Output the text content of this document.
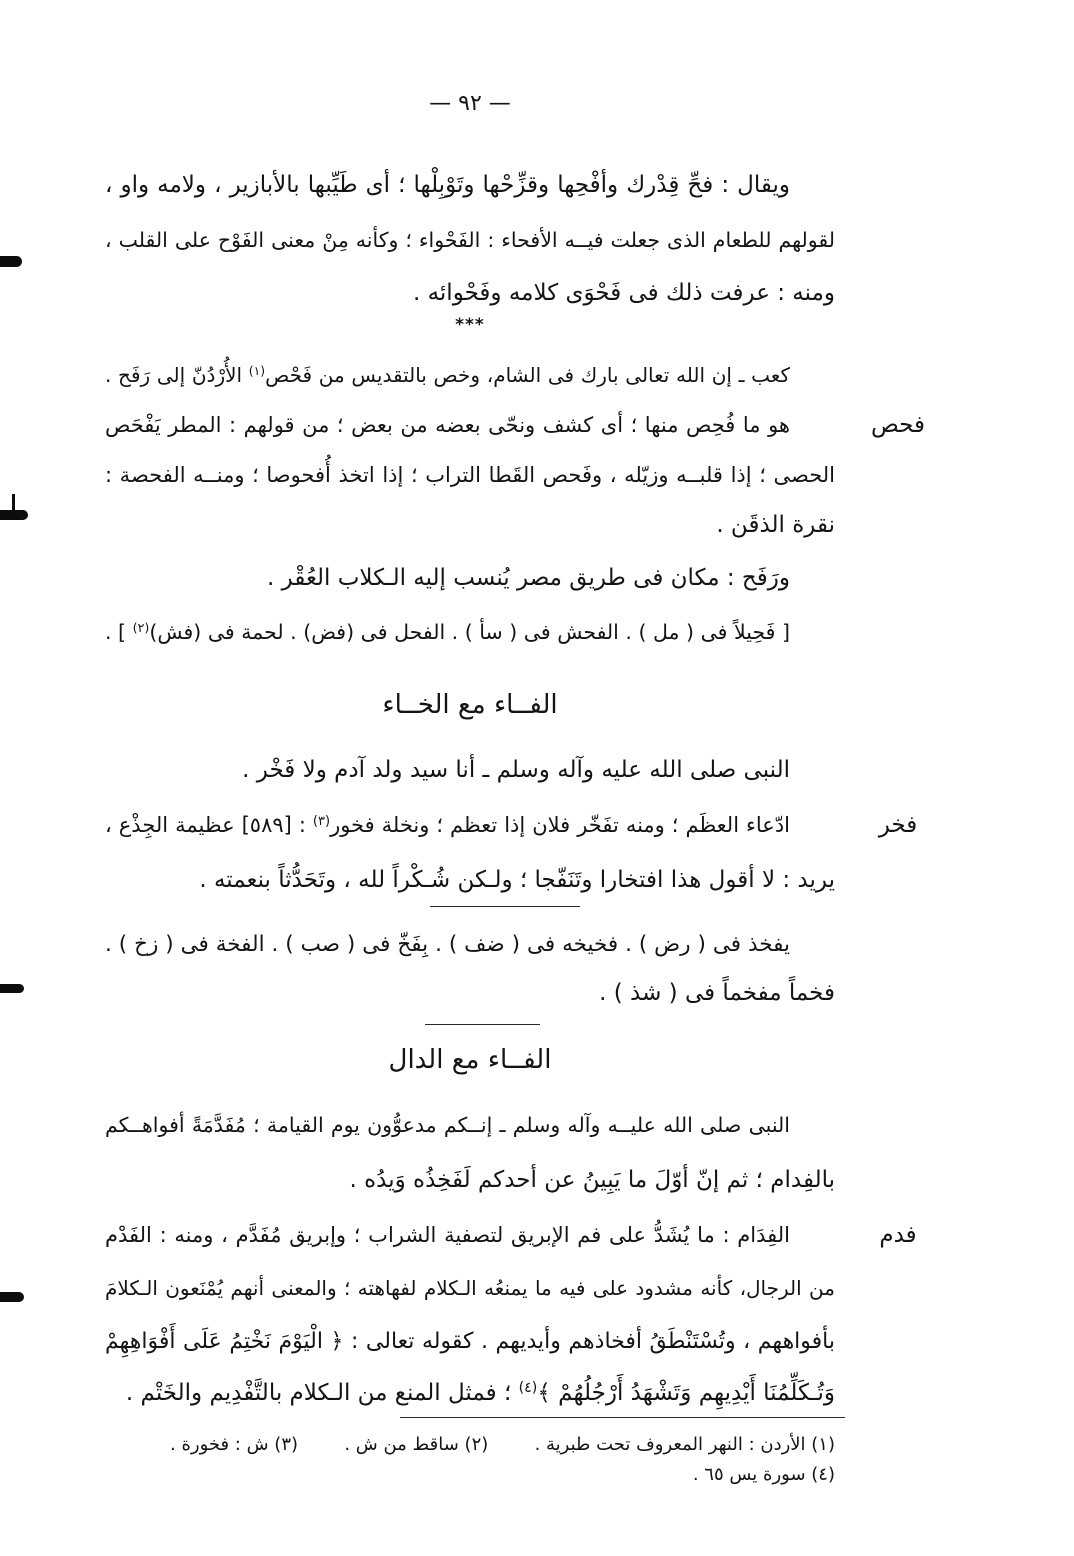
— ٩٢ —
ويقال : فحِّ قِدْرك وأفْحِها وقزِّحْها وتَوْبِلْها ؛ أى طَيِّبها بالأبازير ، ولامه واو ،
لقولهم للطعام الذى جعلت فيــه الأفحاء : الفَحْواء ؛ وكأنه مِنْ معنى الفَوْح على القلب ،
ومنه : عرفت ذلك فى فَحْوَى كلامه وفَحْوائه .
***
كعب ـ إن الله تعالى بارك فى الشام، وخص بالتقديس من فَحْص$^{(١)}$ الأُرْدُنّ إلى رَفَح .
فحص
هو ما فُحِص منها ؛ أى كشف ونحّى بعضه من بعض ؛ من قولهم : المطر يَفْحَص
الحصى ؛ إذا قلبــه وزيّله ، وفَحص القَطا التراب ؛ إذا اتخذ أُفحوصا ؛ ومنــه الفحصة :
نقرة الذقَن .
ورَفَح : مكان فى طريق مصر يُنسب إليه الـكلاب العُقْر .
[ فَحِيلاً فى ( مل ) . الفحش فى ( سأ ) . الفحل فى (فض) . لحمة فى (فش)$^{(٢)}$ ] .
الفــاء مع الخــاء
النبى صلى الله عليه وآله وسلم ـ أنا سيد ولد آدم ولا فَخْر .
فخر
ادّعاء العظَم ؛ ومنه تفَخّر فلان إذا تعظم ؛ ونخلة فخور$^{(٣)}$ : [٥٨٩] عظيمة الجِذْع ،
يريد : لا أقول هذا افتخارا وتَنَفّجا ؛ ولـكن شُـكْراً لله ، وتَحَدُّثاً بنعمته .
يفخذ فى ( رض ) . فخيخه فى ( ضف ) . بِفَخّ فى ( صب ) . الفخة فى ( زخ ) .
فخماً مفخماً فى ( شذ ) .
الفــاء مع الدال
النبى صلى الله عليــه وآله وسلم ـ إنــكم مدعوُّون يوم القيامة ؛ مُفَدَّمَةً أفواهــكم
بالفِدام ؛ ثم إنّ أوّلَ ما يَبِينُ عن أحدكم لَفَخِذُه وَيدُه .
فدم
الفِدَام : ما يُشَدُّ على فم الإبريق لتصفية الشراب ؛ وإبريق مُفَدَّم ، ومنه : الفَدْم
من الرجال، كأنه مشدود على فيه ما يمنعُه الـكلام لفهاهته ؛ والمعنى أنهم يُمْنَعون الـكلامَ
بأفواههم ، وتُسْتَنْطَقُ أفخاذهم وأيديهم . كقوله تعالى : ﴿ الْيَوْمَ نَخْتِمُ عَلَى أَفْوَاهِهِمْ
وَتُـكَلِّمُنَا أَيْدِيهِم وَتَشْهَدُ أَرْجُلُهُمْ ﴾$^{(٤)}$ ؛ فمثل المنع من الـكلام بالتَّفْدِيم والخَتْم .
(١) الأردن : النهر المعروف تحت طبرية .
(٢) ساقط من ش .
(٣) ش : فخورة .
(٤) سورة يس ٦٥ .
